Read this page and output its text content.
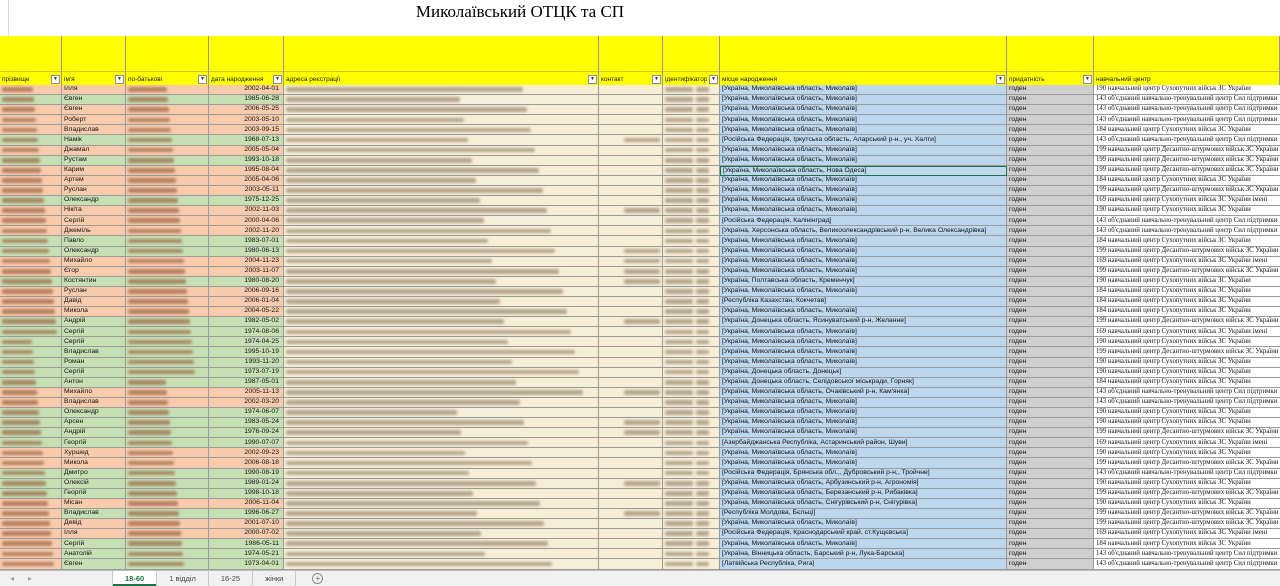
Миколаївський ОТЦК та СП
прізвище	▼ ім'я	▼ по-батькові	▼ дата народження	▼ адреса реєстрації	▼ контакт	▼ ідентифікатор ▼ місце народження	▼ придатність	▼ навчальний центр
Ілля	2002-04-01	[Україна, Миколаївська область, Миколаїв]	годен	190 навчальний центр Сухопутних військ ЗС України
Євген	1985-06-28	[Україна, Миколаївська область, Миколаїв]	годен	143 об'єднаний навчально-тренувальний центр Сил підтримки
Євген	2006-05-25	[Україна, Миколаївська область, Миколаїв]	годен	143 об'єднаний навчально-тренувальний центр Сил підтримки
Роберт	2003-05-10	[Україна, Миколаївська область, Миколаїв]	годен	143 об'єднаний навчально-тренувальний центр Сил підтримки
Владислав	2003-09-15	[Україна, Миколаївська область, Миколаїв]	годен	184 навчальний центр Сухопутних військ ЗС України
Намік	1968-07-13	[Російська Федерація, Іркутська область, Аларський р-н., уч. Халти]	годен	143 об'єднаний навчально-тренувальний центр Сил підтримки
Джамал	2005-05-04	[Україна, Миколаївська область, Миколаїв]	годен	199 навчальний центр Десантно-штурмових військ ЗС України
Рустам	1993-10-18	[Україна, Миколаївська область, Миколаїв]	годен	199 навчальний центр Десантно-штурмових військ ЗС України
Карим	1995-08-04	[Україна, Миколаївська область, Нова Одеса]	годен	199 навчальний центр Десантно-штурмових військ ЗС України
Артем	2005-04-06	[Україна, Миколаївська область, Миколаїв]	годен	184 навчальний центр Сухопутних військ ЗС України
Руслан	2003-05-11	[Україна, Миколаївська область, Миколаїв]	годен	199 навчальний центр Десантно-штурмових військ ЗС України
Олександр	1975-12-25	[Україна, Миколаївська область, Миколаїв]	годен	169 навчальний центр Сухопутних військ ЗС України імені
Нікіта	2002-11-03	[Україна, Миколаївська область, Миколаїв]	годен	190 навчальний центр Сухопутних військ ЗС України
Сергій	2000-04-06	[Російська Федерація, Калінінград]	годен	143 об'єднаний навчально-тренувальний центр Сил підтримки
Джеміль	2002-11-20	[Україна, Херсонська область, Великоолександрівський р-н, Велика Олександрівка]	годен	143 об'єднаний навчально-тренувальний центр Сил підтримки
Павло	1983-07-01	[Україна, Миколаївська область, Миколаїв]	годен	184 навчальний центр Сухопутних військ ЗС України
Олександр	1980-06-13	[Україна, Миколаївська область, Миколаїв]	годен	199 навчальний центр Десантно-штурмових військ ЗС України
Михайло	2004-11-23	[Україна, Миколаївська область, Миколаїв]	годен	169 навчальний центр Сухопутних військ ЗС України імені
Єгор	2003-11-07	[Україна, Миколаївська область, Миколаїв]	годен	199 навчальний центр Десантно-штурмових військ ЗС України
Костянтин	1980-08-20	[Україна, Полтавська область, Кременчук]	годен	190 навчальний центр Сухопутних військ ЗС України
Руслан	2006-09-16	[Україна, Миколаївська область, Миколаїв]	годен	184 навчальний центр Сухопутних військ ЗС України
Давід	2006-01-04	[Республіка Казахстан, Кокчетав]	годен	184 навчальний центр Сухопутних військ ЗС України
Микола	2004-05-22	[Україна, Миколаївська область, Миколаїв]	годен	184 навчальний центр Сухопутних військ ЗС України
Андрій	1982-05-02	[Україна, Донецька область, Ясинуватський р-н, Желанне]	годен	199 навчальний центр Десантно-штурмових військ ЗС України
Сергій	1974-08-06	[Україна, Миколаївська область, Миколаїв]	годен	169 навчальний центр Сухопутних військ ЗС України імені
Сергій	1974-04-25	[Україна, Миколаївська область, Миколаїв]	годен	190 навчальний центр Сухопутних військ ЗС України
Владислав	1995-10-19	[Україна, Миколаївська область, Миколаїв]	годен	199 навчальний центр Десантно-штурмових військ ЗС України
Роман	1993-11-20	[Україна, Миколаївська область, Миколаїв]	годен	190 навчальний центр Сухопутних військ ЗС України
Сергій	1973-07-19	[Україна, Донецька область, Донецьк]	годен	190 навчальний центр Сухопутних військ ЗС України
Антон	1987-05-01	[Україна, Донецька область, Селідовської міськради, Горняк]	годен	184 навчальний центр Сухопутних військ ЗС України
Михайло	2005-11-13	[Україна, Миколаївська область, Очаківський р-н, Кам'янка]	годен	143 об'єднаний навчально-тренувальний центр Сил підтримки
Владислав	2002-03-20	[Україна, Миколаївська область, Миколаїв]	годен	143 об'єднаний навчально-тренувальний центр Сил підтримки
Олександр	1974-06-07	[Україна, Миколаївська область, Миколаїв]	годен	190 навчальний центр Сухопутних військ ЗС України
Арсен	1983-05-24	[Україна, Миколаївська область, Миколаїв]	годен	190 навчальний центр Сухопутних військ ЗС України
Андрій	1976-09-24	[Україна, Миколаївська область, Миколаїв]	годен	199 навчальний центр Десантно-штурмових військ ЗС України
Георгій	1990-07-07	[Азербайджанська Республіка, Астаринський район, Шуви]	годен	169 навчальний центр Сухопутних військ ЗС України імені
Хуршед	2002-09-23	[Україна, Миколаївська область, Миколаїв]	годен	190 навчальний центр Сухопутних військ ЗС України
Микола	2006-08-18	[Україна, Миколаївська область, Миколаїв]	годен	199 навчальний центр Десантно-штурмових військ ЗС України
Дмитро	1990-08-19	[Російська Федерація, Брянська обл.,, Дубровський р-н,, Тройчне]	годен	143 об'єднаний навчально-тренувальний центр Сил підтримки
Олексій	1989-01-24	[Україна, Миколаївська область, Арбузинський р-н, Агрономія]	годен	190 навчальний центр Сухопутних військ ЗС України
Георгій	1998-10-18	[Україна, Миколаївська область, Березанський р-н, Рибаківка]	годен	199 навчальний центр Десантно-штурмових військ ЗС України
Місан	2006-11-04	[Україна, Миколаївська область, Снігурівський р-н, Снігурівка]	годен	190 навчальний центр Сухопутних військ ЗС України
Владислав	1996-06-27	[Республіка Молдова, Бєльці]	годен	199 навчальний центр Десантно-штурмових військ ЗС України
Девід	2001-07-10	[Україна, Миколаївська область, Миколаїв]	годен	199 навчальний центр Десантно-штурмових військ ЗС України
Ілля	2000-07-02	[Російська Федерація, Краснодарський край, ст.Кущєвська]	годен	169 навчальний центр Сухопутних військ ЗС України імені
Сергій	1986-05-11	[Україна, Миколаївська область, Миколаїв]	годен	184 навчальний центр Сухопутних військ ЗС України
Анатолій	1974-05-21	[Україна, Вінницька область, Барський р-н, Лука-Барська]	годен	143 об'єднаний навчально-тренувальний центр Сил підтримки
Євген	1973-04-01	[Латвійська Республіка, Рига]	годен	143 об'єднаний навчально-тренувальний центр Сил підтримки
◂ ▸	18-60	1 відділ	16-25	жінки	+
